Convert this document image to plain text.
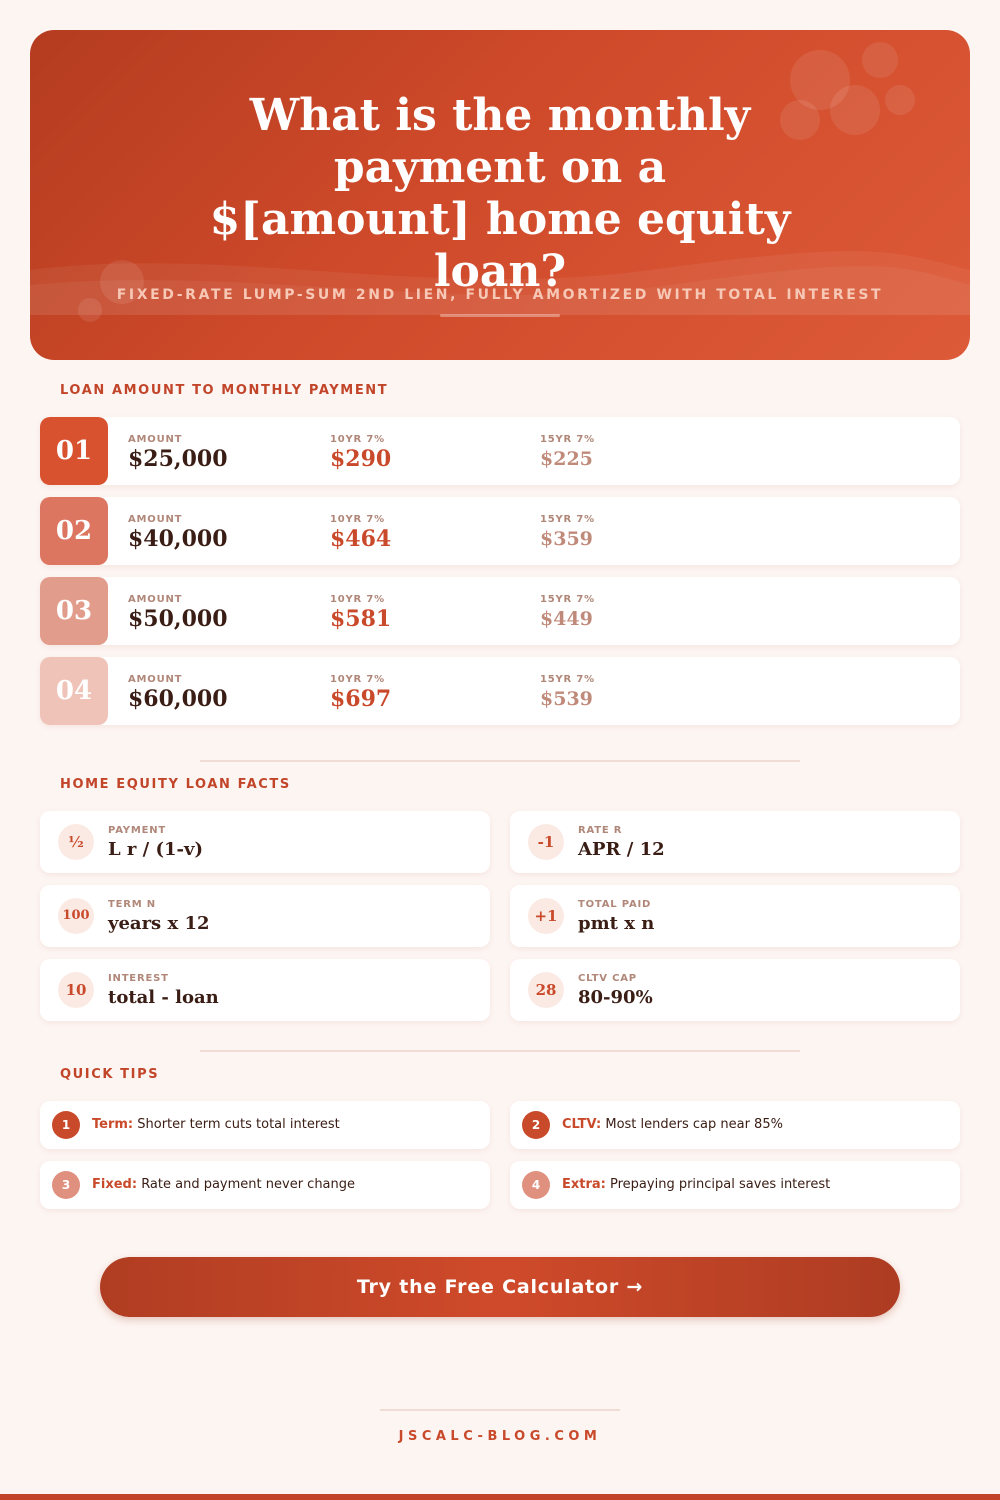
What is the monthly payment on a $[amount] home equity loan?
FIXED-RATE LUMP-SUM 2ND LIEN, FULLY AMORTIZED WITH TOTAL INTEREST
LOAN AMOUNT TO MONTHLY PAYMENT
01	AMOUNT
$25,000
10YR 7%
$290
15YR 7%
$225
02	AMOUNT
$40,000
10YR 7%
$464
15YR 7%
$359
03	AMOUNT
$50,000
10YR 7%
$581
15YR 7%
$449
04	AMOUNT
$60,000
10YR 7%
$697
15YR 7%
$539
HOME EQUITY LOAN FACTS
½
PAYMENT
L r / (1-v)	-1
RATE R
APR / 12
100
TERM N
years x 12	+1
TOTAL PAID
pmt x n
10
INTEREST
total - loan	28
CLTV CAP
80-90%
QUICK TIPS
1	Term: Shorter term cuts total interest	2	CLTV: Most lenders cap near 85%
3	Fixed: Rate and payment never change	4	Extra: Prepaying principal saves interest
Try the Free Calculator →
JSCALC-BLOG.COM
